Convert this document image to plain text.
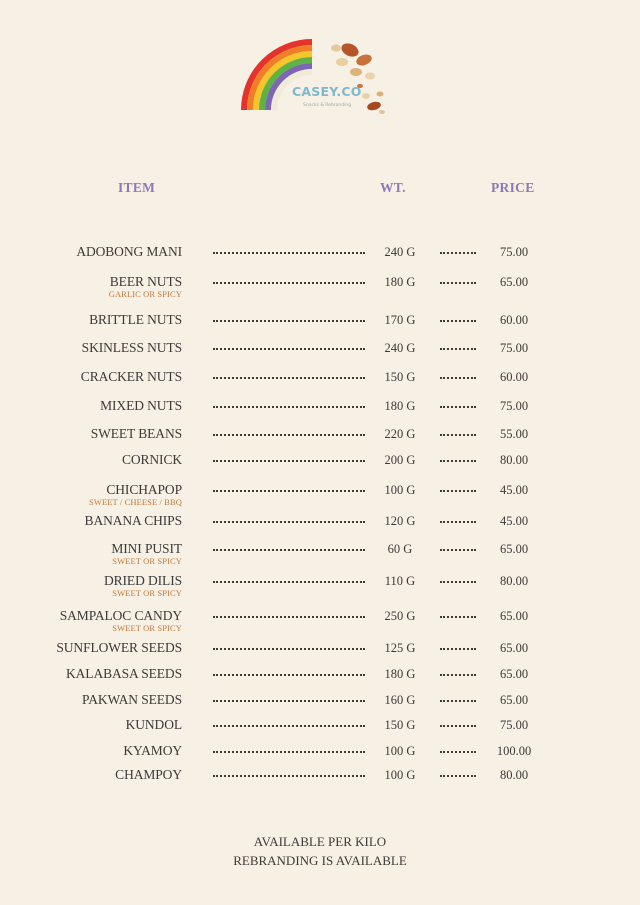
CASEY.CO
Snacks & Rebranding
ITEM	WT.	PRICE
ADOBONG MANI	240 G	75.00
BEER NUTS
GARLIC OR SPICY
180 G	65.00
BRITTLE NUTS	170 G	60.00
SKINLESS NUTS	240 G	75.00
CRACKER NUTS	150 G	60.00
MIXED NUTS	180 G	75.00
SWEET BEANS	220 G	55.00
CORNICK	200 G	80.00
CHICHAPOP
SWEET / CHEESE / BBQ
100 G	45.00
BANANA CHIPS	120 G	45.00
MINI PUSIT
SWEET OR SPICY
60 G	65.00
DRIED DILIS
SWEET OR SPICY
110 G	80.00
SAMPALOC CANDY
SWEET OR SPICY
250 G	65.00
SUNFLOWER SEEDS	125 G	65.00
KALABASA SEEDS	180 G	65.00
PAKWAN SEEDS	160 G	65.00
KUNDOL	150 G	75.00
KYAMOY	100 G	100.00
CHAMPOY	100 G	80.00
AVAILABLE PER KILO
REBRANDING IS AVAILABLE
